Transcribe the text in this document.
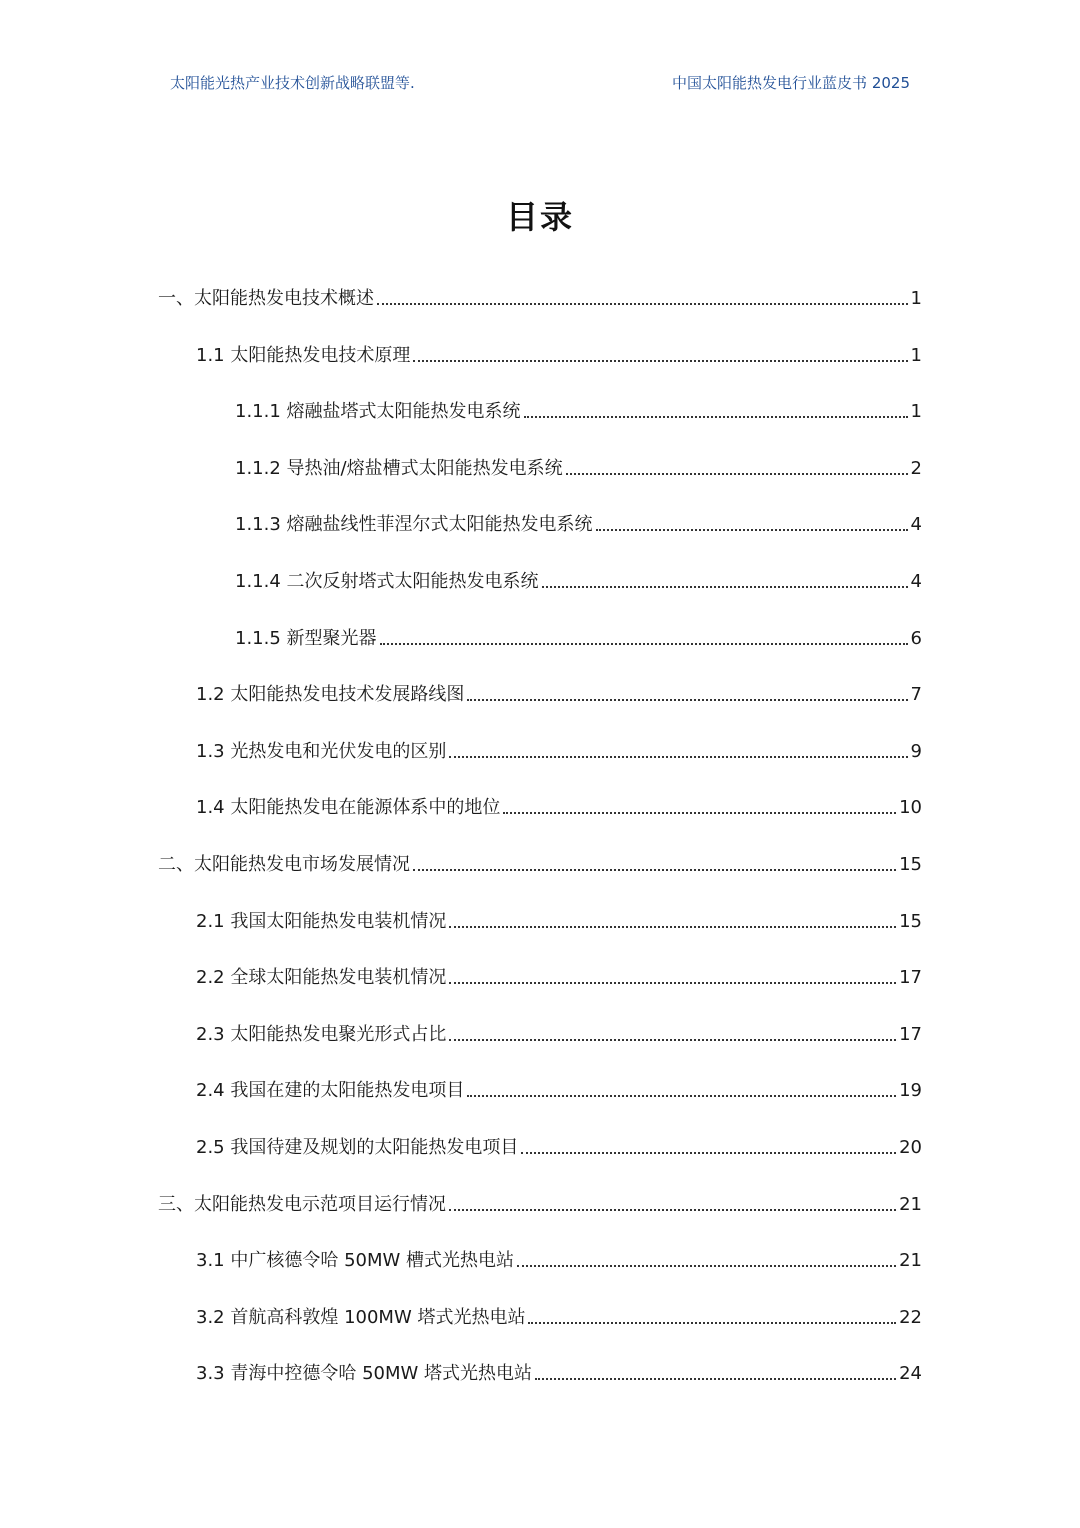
太阳能光热产业技术创新战略联盟等.	中国太阳能热发电行业蓝皮书 2025
目录
一、太阳能热发电技术概述	1
1.1 太阳能热发电技术原理	1
1.1.1 熔融盐塔式太阳能热发电系统	1
1.1.2 导热油/熔盐槽式太阳能热发电系统	2
1.1.3 熔融盐线性菲涅尔式太阳能热发电系统	4
1.1.4 二次反射塔式太阳能热发电系统	4
1.1.5 新型聚光器	6
1.2 太阳能热发电技术发展路线图	7
1.3 光热发电和光伏发电的区别	9
1.4 太阳能热发电在能源体系中的地位	10
二、太阳能热发电市场发展情况	15
2.1 我国太阳能热发电装机情况	15
2.2 全球太阳能热发电装机情况	17
2.3 太阳能热发电聚光形式占比	17
2.4 我国在建的太阳能热发电项目	19
2.5 我国待建及规划的太阳能热发电项目	20
三、太阳能热发电示范项目运行情况	21
3.1 中广核德令哈 50MW 槽式光热电站	21
3.2 首航高科敦煌 100MW 塔式光热电站	22
3.3 青海中控德令哈 50MW 塔式光热电站	24
